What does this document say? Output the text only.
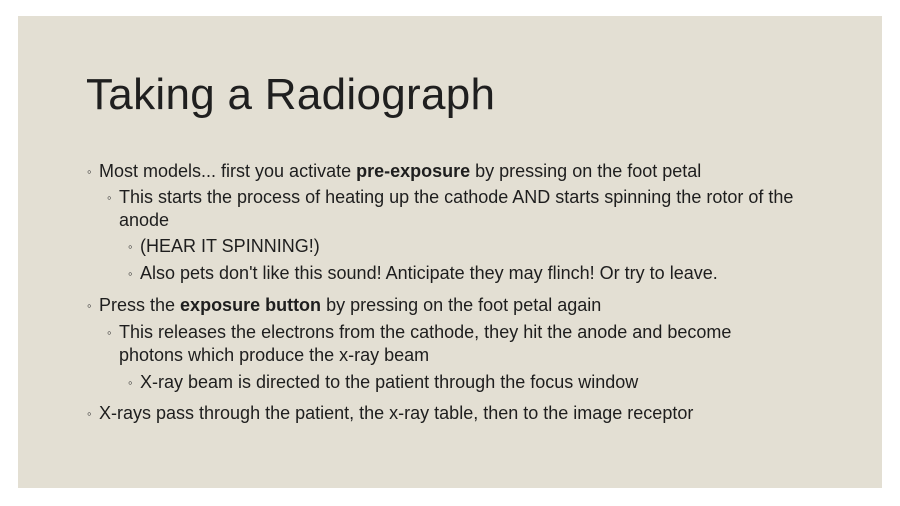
Taking a Radiograph
◦ Most models... first you activate pre-exposure by pressing on the foot petal
◦ This starts the process of heating up the cathode AND starts spinning the rotor of the anode
◦ (HEAR IT SPINNING!)
◦ Also pets don't like this sound! Anticipate they may flinch! Or try to leave.
◦ Press the exposure button by pressing on the foot petal again
◦ This releases the electrons from the cathode, they hit the anode and become photons which produce the x-ray beam
◦ X-ray beam is directed to the patient through the focus window
◦ X-rays pass through the patient, the x-ray table, then to the image receptor
